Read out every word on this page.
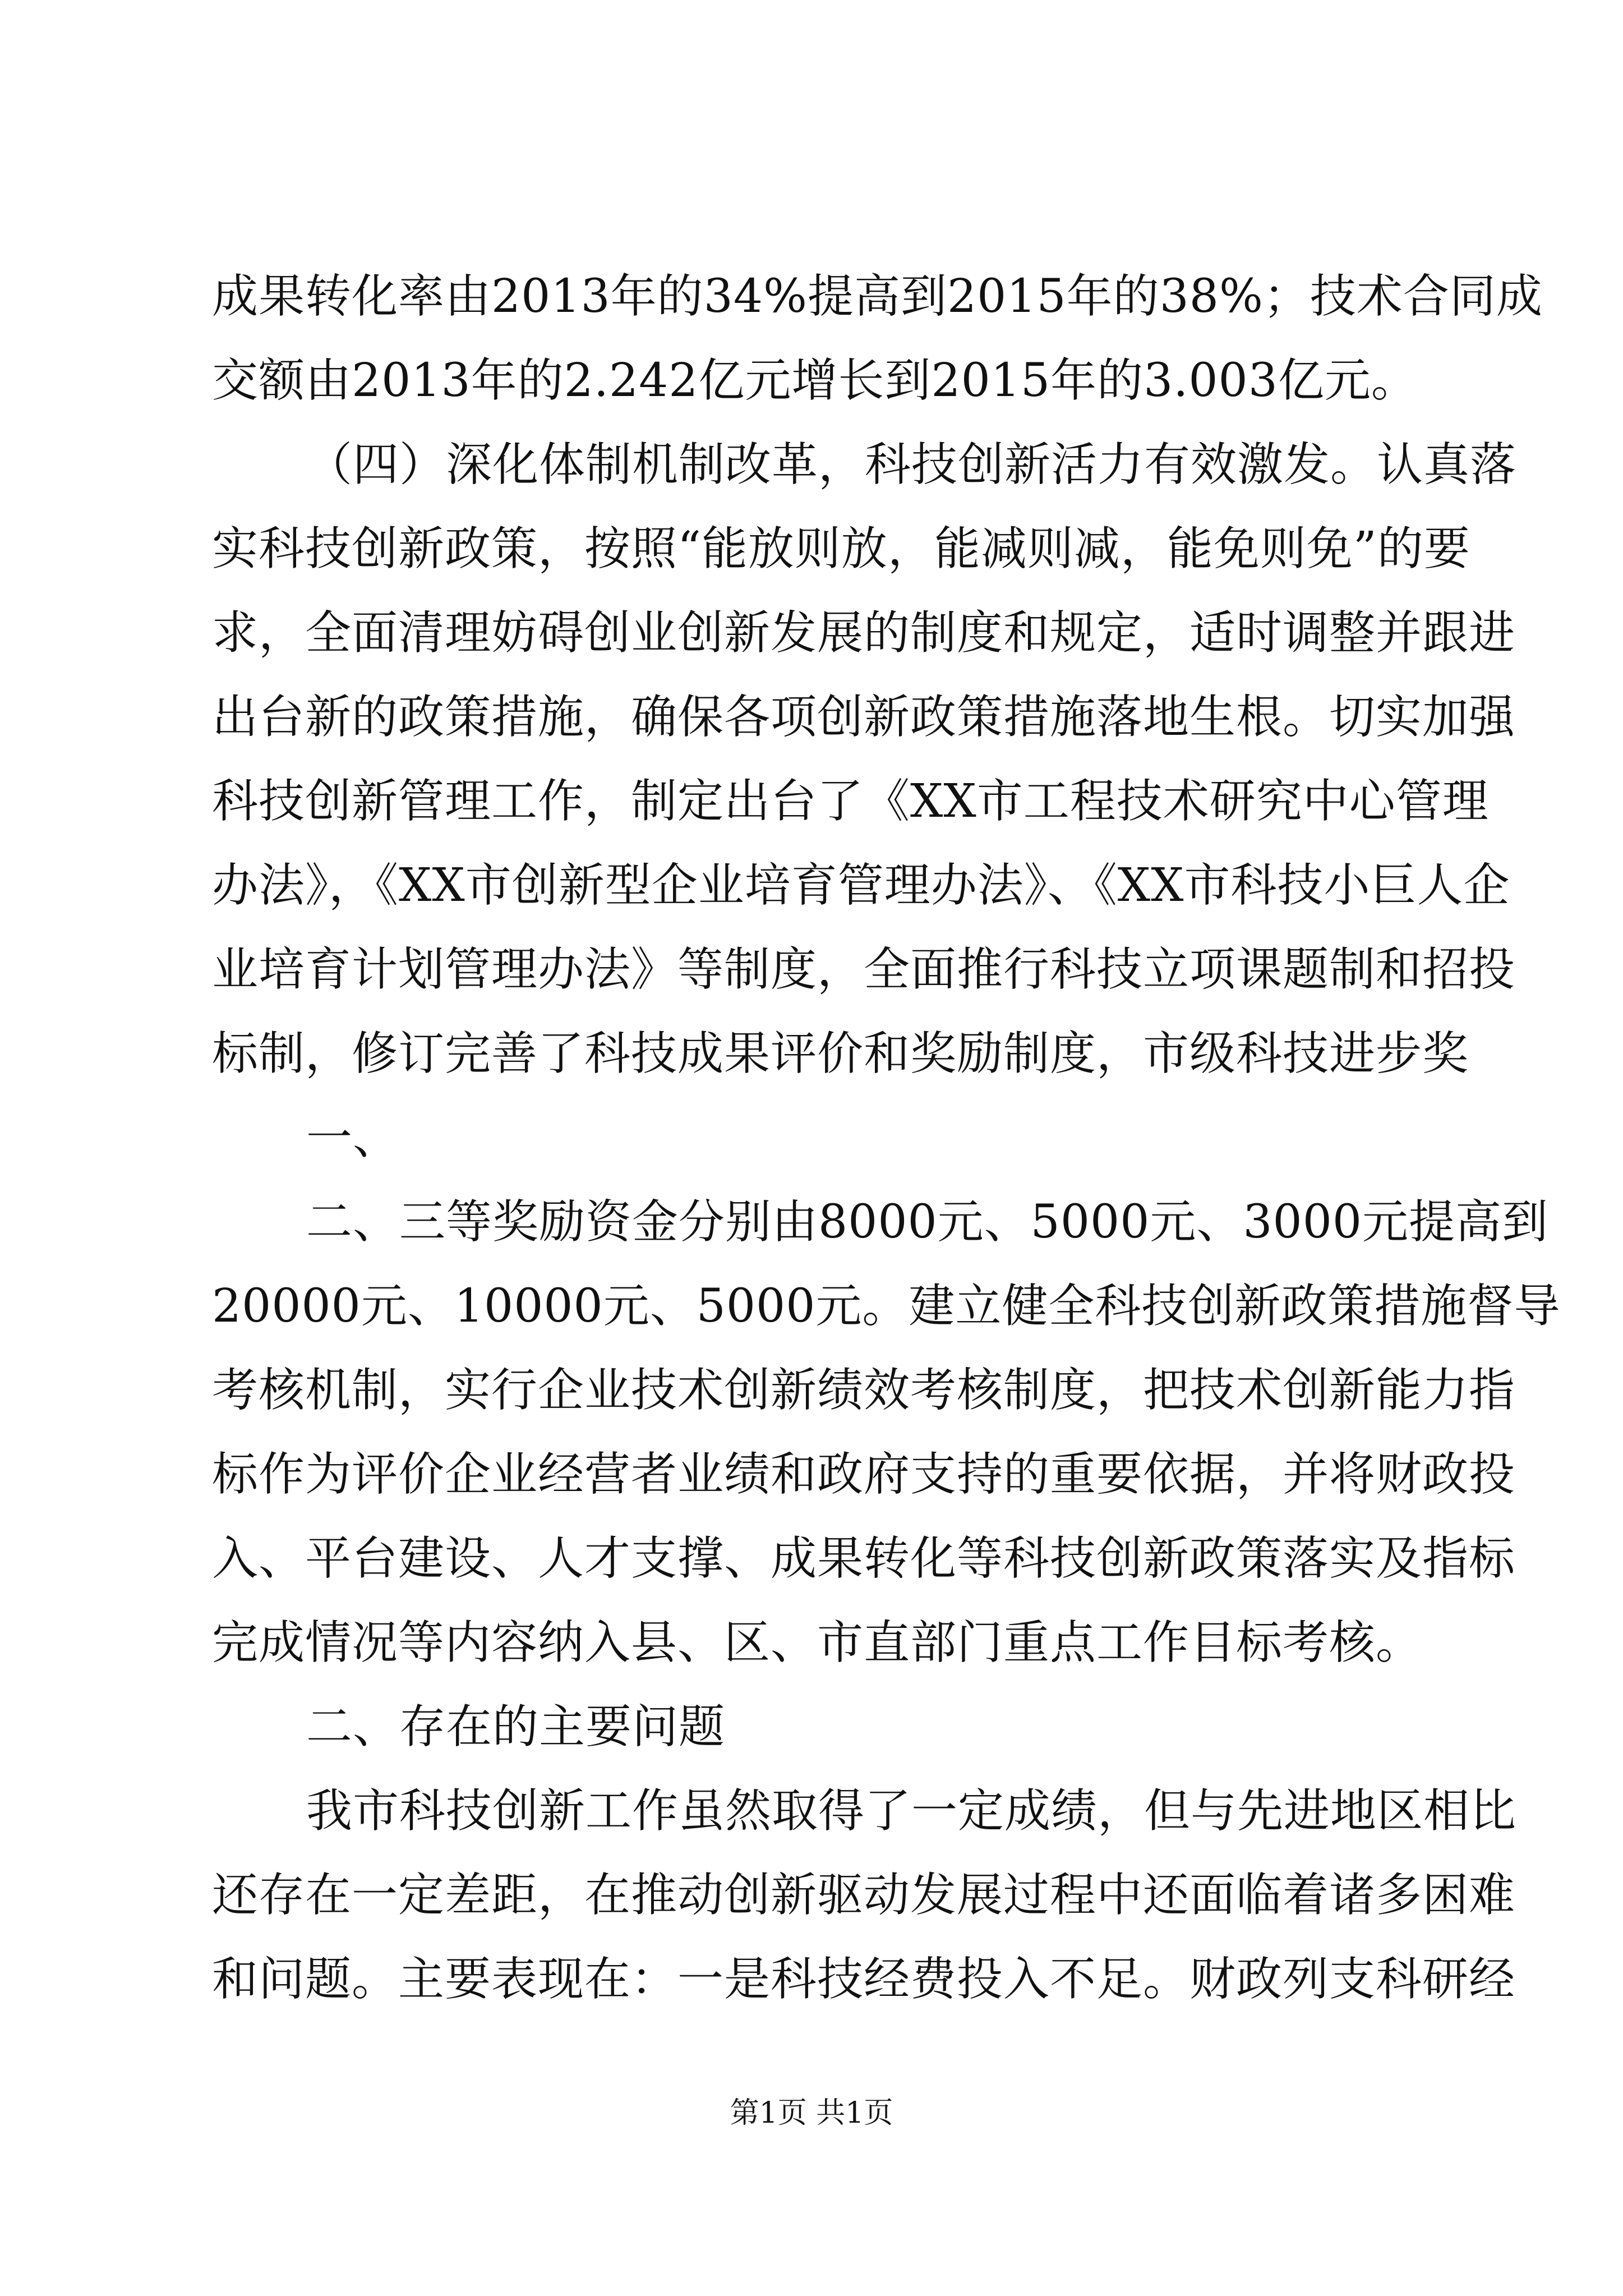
成果转化率由2013年的34%提高到2015年的38%；技术合同成
交额由2013年的2.242亿元增长到2015年的3.003亿元。
（四）深化体制机制改革，科技创新活力有效激发。认真落
实科技创新政策，按照“能放则放，能减则减，能免则免”的要
求，全面清理妨碍创业创新发展的制度和规定，适时调整并跟进
出台新的政策措施，确保各项创新政策措施落地生根。切实加强
科技创新管理工作，制定出台了《XX市工程技术研究中心管理
办法》，《XX市创新型企业培育管理办法》、《XX市科技小巨人企
业培育计划管理办法》等制度，全面推行科技立项课题制和招投
标制，修订完善了科技成果评价和奖励制度，市级科技进步奖
一、
二、三等奖励资金分别由8000元、5000元、3000元提高到
20000元、10000元、5000元。建立健全科技创新政策措施督导
考核机制，实行企业技术创新绩效考核制度，把技术创新能力指
标作为评价企业经营者业绩和政府支持的重要依据，并将财政投
入、平台建设、人才支撑、成果转化等科技创新政策落实及指标
完成情况等内容纳入县、区、市直部门重点工作目标考核。
二、存在的主要问题
我市科技创新工作虽然取得了一定成绩，但与先进地区相比
还存在一定差距，在推动创新驱动发展过程中还面临着诸多困难
和问题。主要表现在：一是科技经费投入不足。财政列支科研经
第1页 共1页
